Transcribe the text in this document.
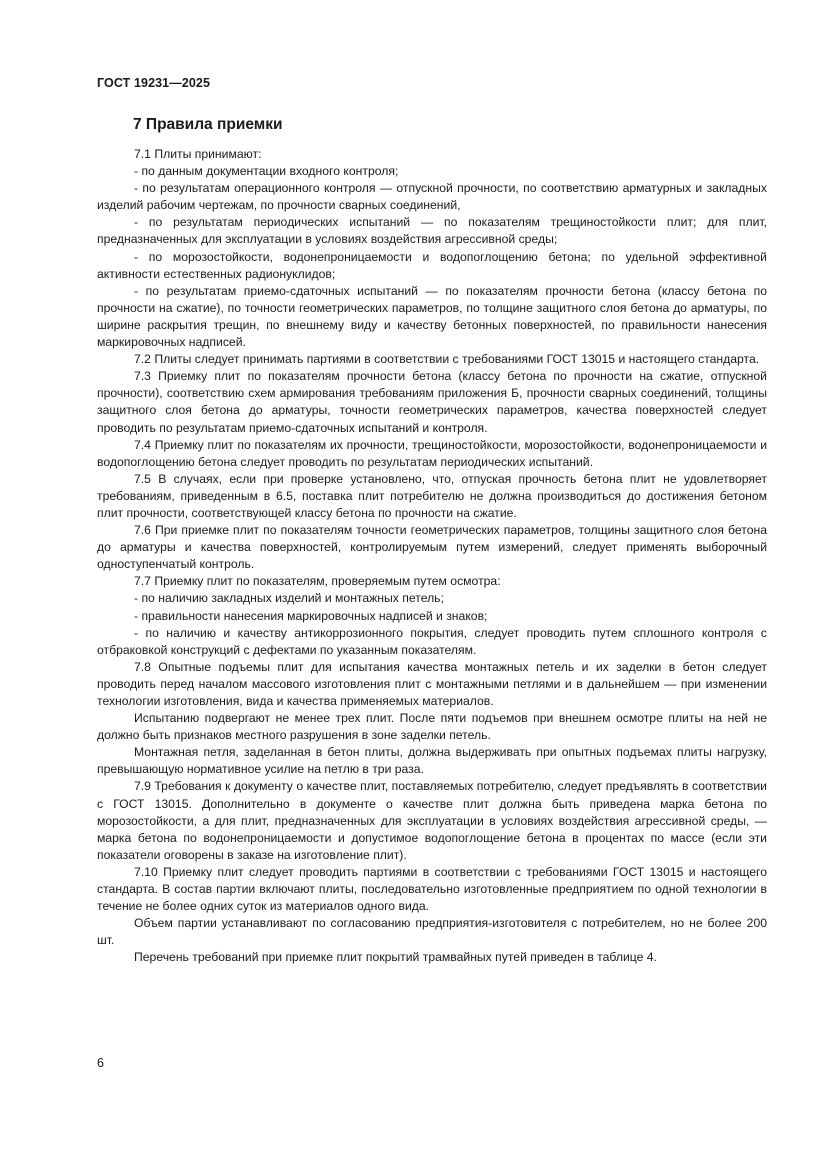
ГОСТ 19231—2025
7 Правила приемки

7.1 Плиты принимают:

- по данным документации входного контроля;

- по результатам операционного контроля — отпускной прочности, по соответствию арматурных и закладных изделий рабочим чертежам, по прочности сварных соединений,

- по результатам периодических испытаний — по показателям трещиностойкости плит; для плит, предназначенных для эксплуатации в условиях воздействия агрессивной среды;

- по морозостойкости, водонепроницаемости и водопоглощению бетона; по удельной эффективной активности естественных радионуклидов;

- по результатам приемо-сдаточных испытаний — по показателям прочности бетона (классу бетона по прочности на сжатие), по точности геометрических параметров, по толщине защитного слоя бетона до арматуры, по ширине раскрытия трещин, по внешнему виду и качеству бетонных поверхностей, по правильности нанесения маркировочных надписей.

7.2 Плиты следует принимать партиями в соответствии с требованиями ГОСТ 13015 и настоящего стандарта.

7.3 Приемку плит по показателям прочности бетона (классу бетона по прочности на сжатие, отпускной прочности), соответствию схем армирования требованиям приложения Б, прочности сварных соединений, толщины защитного слоя бетона до арматуры, точности геометрических параметров, качества поверхностей следует проводить по результатам приемо-сдаточных испытаний и контроля.

7.4 Приемку плит по показателям их прочности, трещиностойкости, морозостойкости, водонепроницаемости и водопоглощению бетона следует проводить по результатам периодических испытаний.

7.5 В случаях, если при проверке установлено, что, отпуская прочность бетона плит не удовлетворяет требованиям, приведенным в 6.5, поставка плит потребителю не должна производиться до достижения бетоном плит прочности, соответствующей классу бетона по прочности на сжатие.

7.6 При приемке плит по показателям точности геометрических параметров, толщины защитного слоя бетона до арматуры и качества поверхностей, контролируемым путем измерений, следует применять выборочный одноступенчатый контроль.

7.7 Приемку плит по показателям, проверяемым путем осмотра:

- по наличию закладных изделий и монтажных петель;

- правильности нанесения маркировочных надписей и знаков;

- по наличию и качеству антикоррозионного покрытия, следует проводить путем сплошного контроля с отбраковкой конструкций с дефектами по указанным показателям.

7.8 Опытные подъемы плит для испытания качества монтажных петель и их заделки в бетон следует проводить перед началом массового изготовления плит с монтажными петлями и в дальнейшем — при изменении технологии изготовления, вида и качества применяемых материалов.

Испытанию подвергают не менее трех плит. После пяти подъемов при внешнем осмотре плиты на ней не должно быть признаков местного разрушения в зоне заделки петель.

Монтажная петля, заделанная в бетон плиты, должна выдерживать при опытных подъемах плиты нагрузку, превышающую нормативное усилие на петлю в три раза.

7.9 Требования к документу о качестве плит, поставляемых потребителю, следует предъявлять в соответствии с ГОСТ 13015. Дополнительно в документе о качестве плит должна быть приведена марка бетона по морозостойкости, а для плит, предназначенных для эксплуатации в условиях воздействия агрессивной среды, — марка бетона по водонепроницаемости и допустимое водопоглощение бетона в процентах по массе (если эти показатели оговорены в заказе на изготовление плит).

7.10 Приемку плит следует проводить партиями в соответствии с требованиями ГОСТ 13015 и настоящего стандарта. В состав партии включают плиты, последовательно изготовленные предприятием по одной технологии в течение не более одних суток из материалов одного вида.

Объем партии устанавливают по согласованию предприятия-изготовителя с потребителем, но не более 200 шт.

Перечень требований при приемке плит покрытий трамвайных путей приведен в таблице 4.

6
